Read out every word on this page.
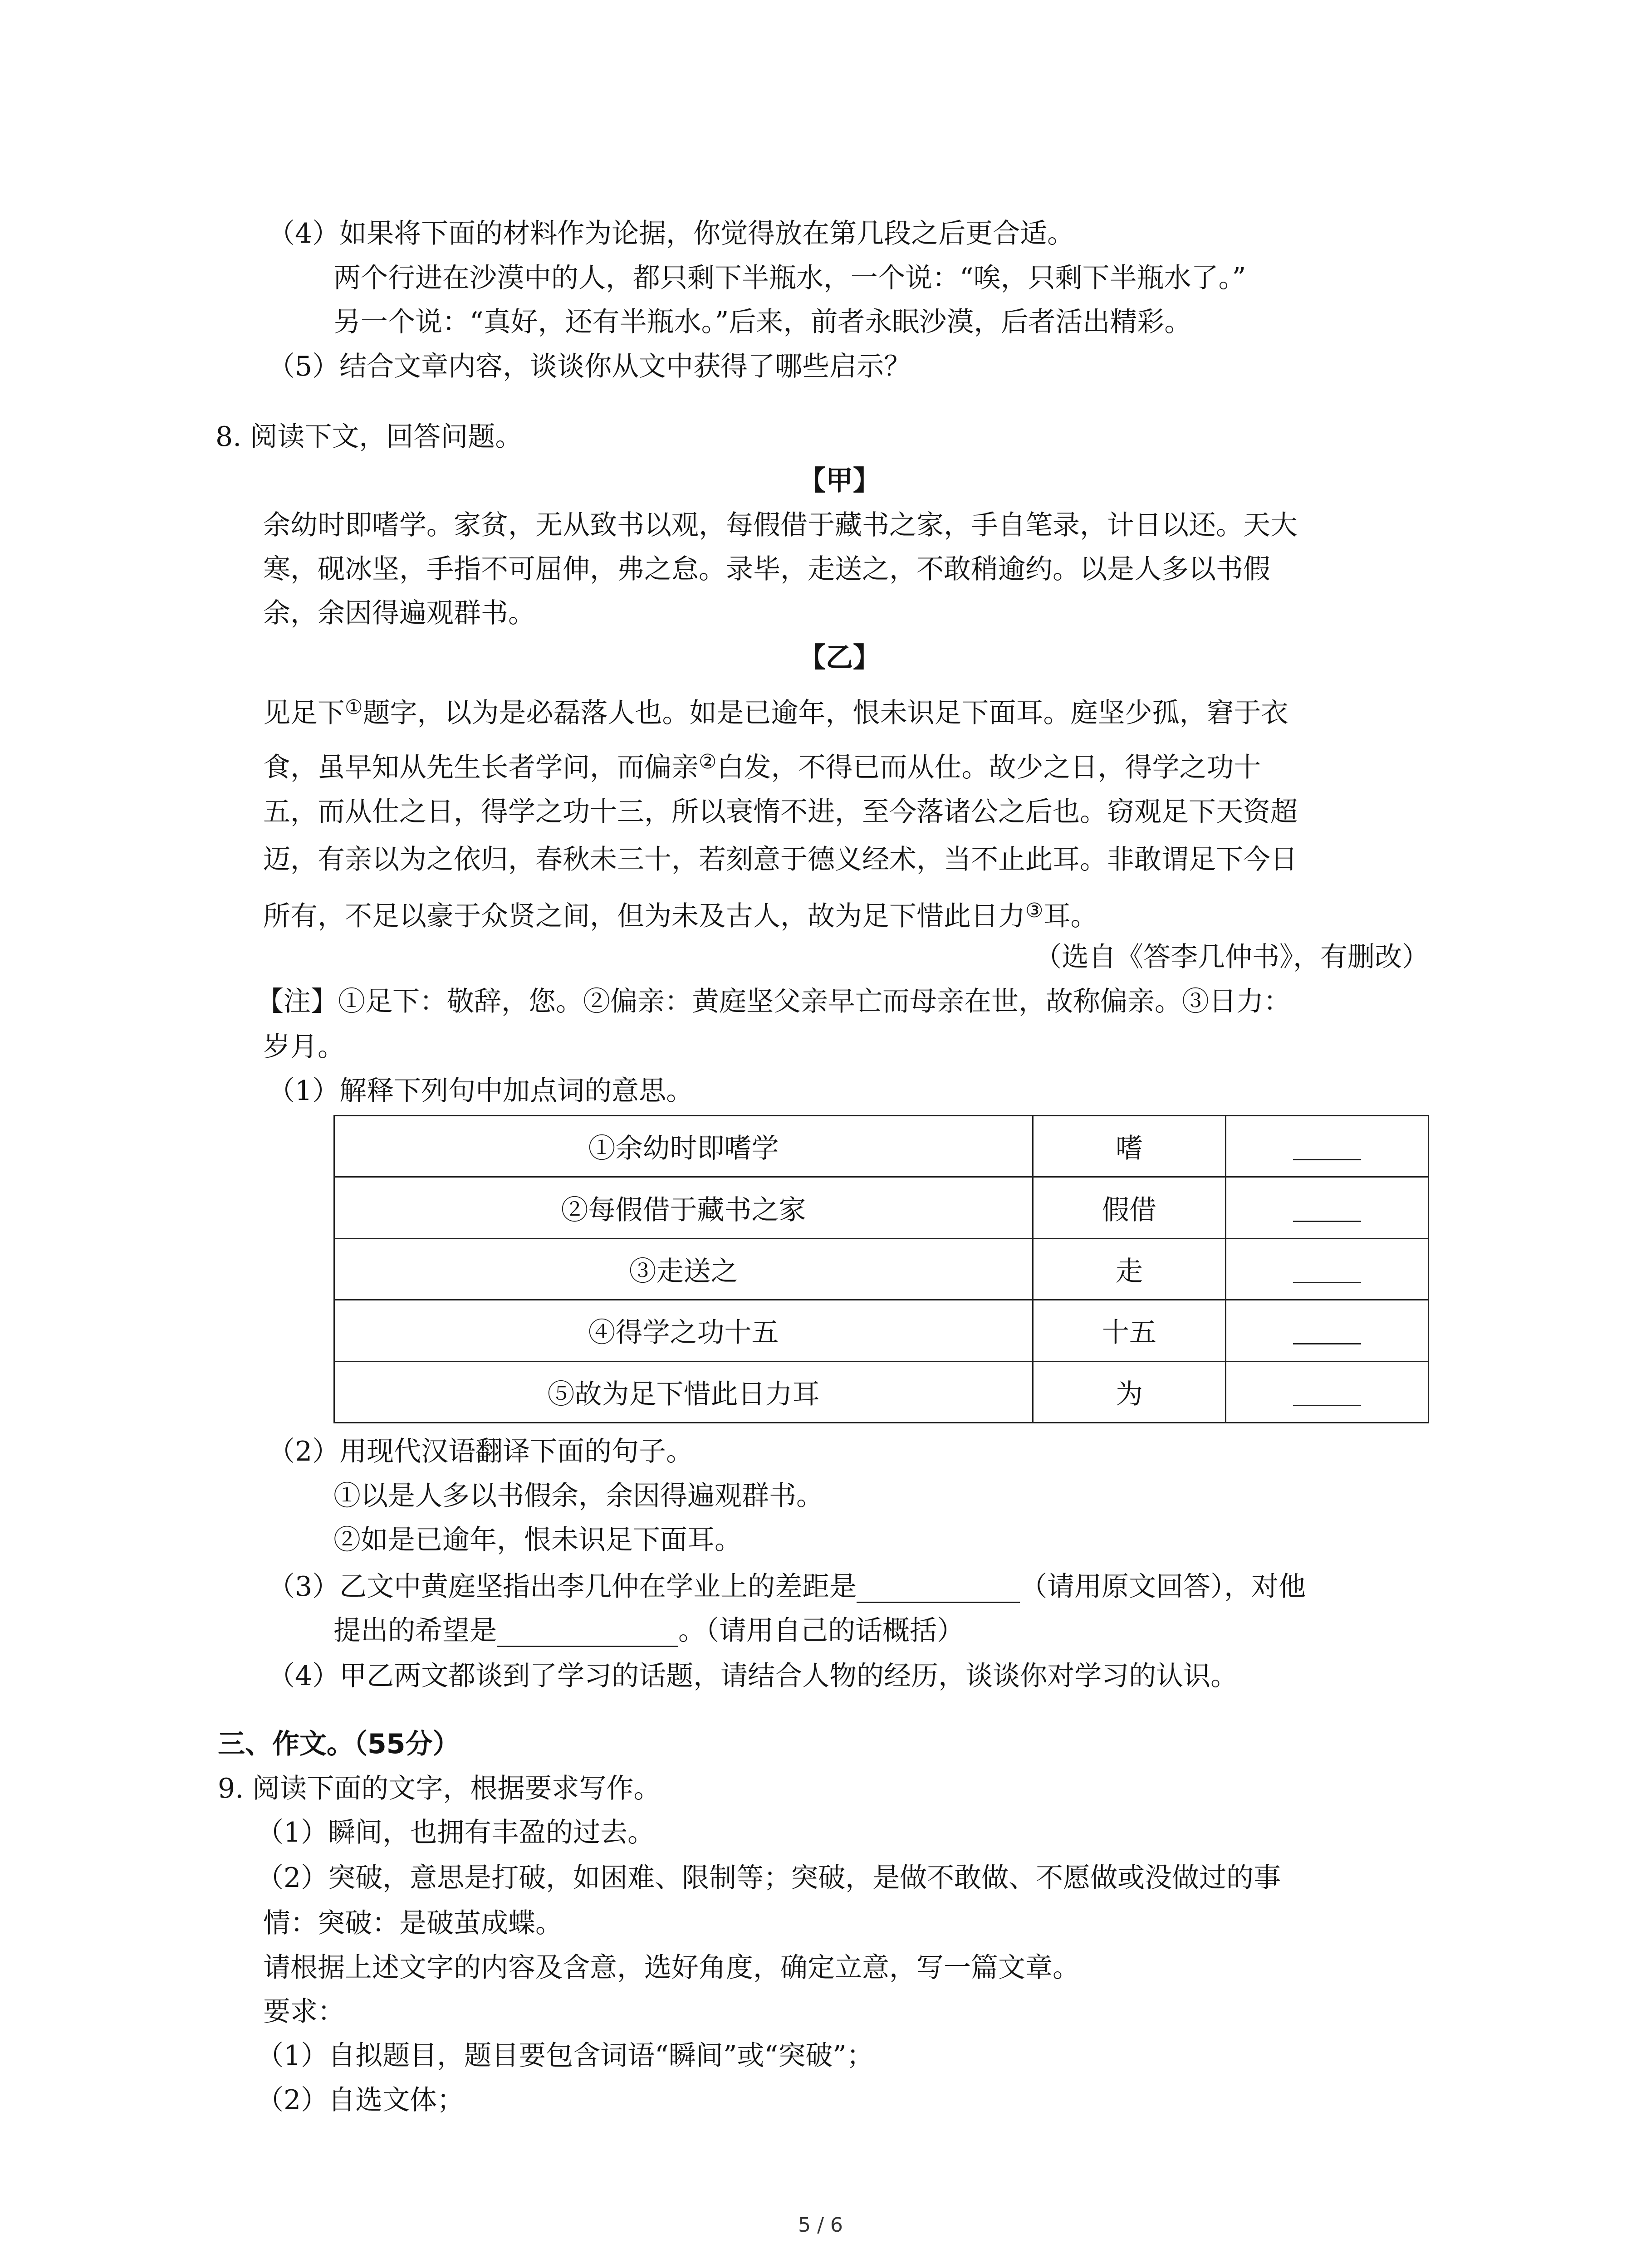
（4）如果将下面的材料作为论据，你觉得放在第几段之后更合适。
两个行进在沙漠中的人，都只剩下半瓶水，一个说：“唉，只剩下半瓶水了。”
另一个说：“真好，还有半瓶水。”后来，前者永眠沙漠，后者活出精彩。
（5）结合文章内容，谈谈你从文中获得了哪些启示？
8. 阅读下文，回答问题。
【甲】
余幼时即嗜学。家贫，无从致书以观，每假借于藏书之家，手自笔录，计日以还。天大
寒，砚冰坚，手指不可屈伸，弗之怠。录毕，走送之，不敢稍逾约。以是人多以书假
余，余因得遍观群书。
【乙】
见足下①题字，以为是必磊落人也。如是已逾年，恨未识足下面耳。庭坚少孤，窘于衣
食，虽早知从先生长者学问，而偏亲②白发，不得已而从仕。故少之日，得学之功十
五，而从仕之日，得学之功十三，所以衰惰不进，至今落诸公之后也。窃观足下天资超
迈，有亲以为之依归，春秋未三十，若刻意于德义经术，当不止此耳。非敢谓足下今日
所有，不足以豪于众贤之间，但为未及古人，故为足下惜此日力③耳。
（选自《答李几仲书》，有删改）
【注】①足下：敬辞，您。②偏亲：黄庭坚父亲早亡而母亲在世，故称偏亲。③日力：
岁月。
（1）解释下列句中加点词的意思。
①余幼时即嗜学	嗜	
②每假借于藏书之家	假借	
③走送之	走	
④得学之功十五	十五	
⑤故为足下惜此日力耳	为	
（2）用现代汉语翻译下面的句子。
①以是人多以书假余，余因得遍观群书。
②如是已逾年，恨未识足下面耳。
（3）乙文中黄庭坚指出李几仲在学业上的差距是	（请用原文回答），对他
提出的希望是	。（请用自己的话概括）
（4）甲乙两文都谈到了学习的话题，请结合人物的经历，谈谈你对学习的认识。
三、作文。（55分）
9. 阅读下面的文字，根据要求写作。
（1）瞬间，也拥有丰盈的过去。
（2）突破，意思是打破，如困难、限制等；突破，是做不敢做、不愿做或没做过的事
情：突破：是破茧成蝶。
请根据上述文字的内容及含意，选好角度，确定立意，写一篇文章。
要求：
（1）自拟题目，题目要包含词语“瞬间”或“突破”；
（2）自选文体；
5 / 6
